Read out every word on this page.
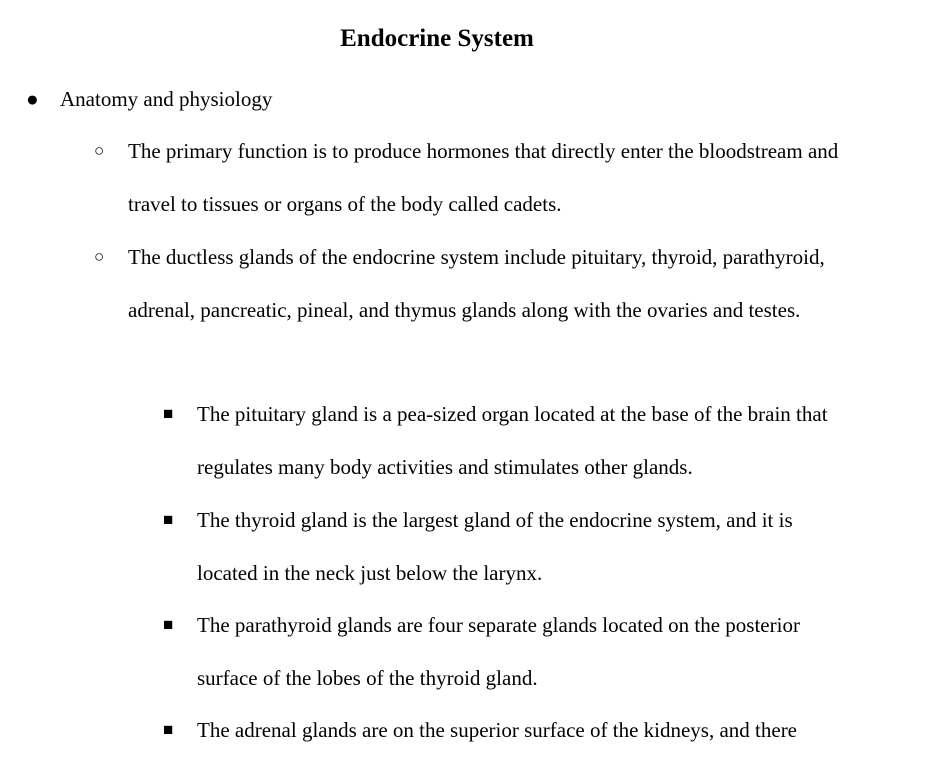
Endocrine System
● Anatomy and physiology

○ The primary function is to produce hormones that directly enter the bloodstream and travel to tissues or organs of the body called cadets.

○ The ductless glands of the endocrine system include pituitary, thyroid, parathyroid, adrenal, pancreatic, pineal, and thymus glands along with the ovaries and testes.

■ The pituitary gland is a pea-sized organ located at the base of the brain that regulates many body activities and stimulates other glands.

■ The thyroid gland is the largest gland of the endocrine system, and it is located in the neck just below the larynx.

■ The parathyroid glands are four separate glands located on the posterior surface of the lobes of the thyroid gland.

■ The adrenal glands are on the superior surface of the kidneys, and there
